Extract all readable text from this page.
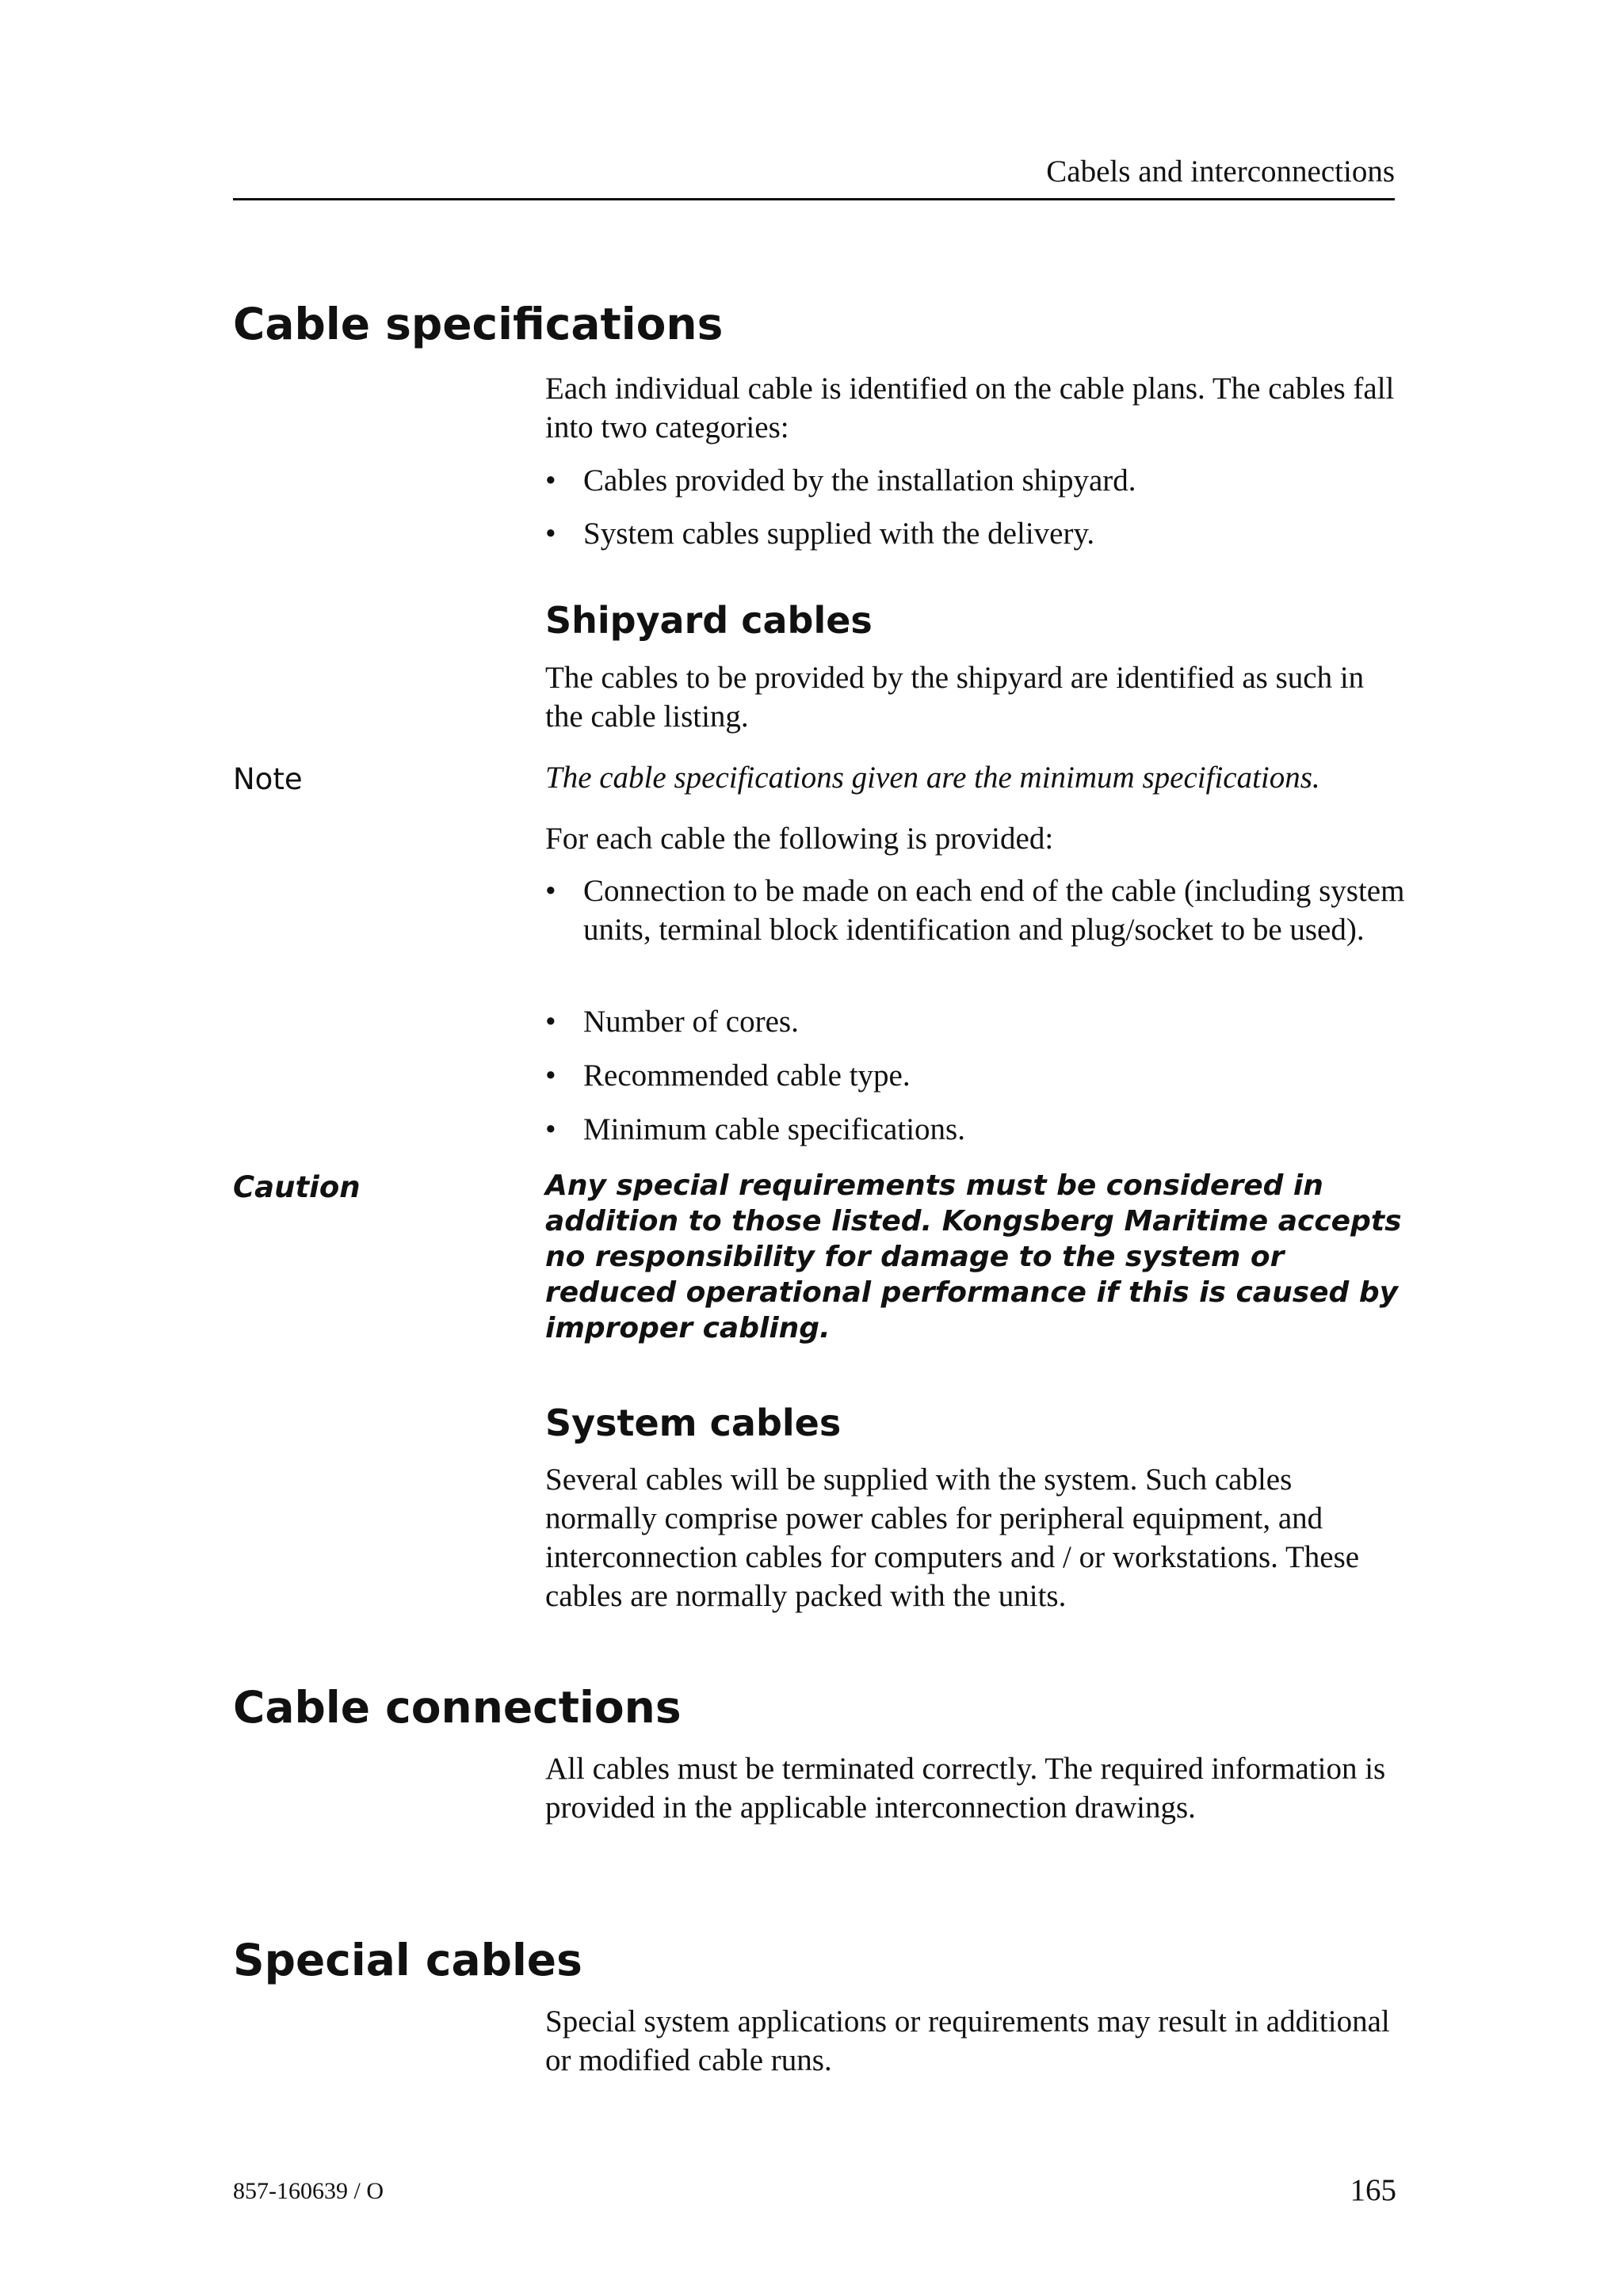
Cabels and interconnections
Cable specifications

Each individual cable is identified on the cable plans. The cables fall into two categories:

• Cables provided by the installation shipyard.
• System cables supplied with the delivery.
Shipyard cables

The cables to be provided by the shipyard are identified as such in the cable listing.

Note	The cable specifications given are the minimum specifications.

For each cable the following is provided:

• Connection to be made on each end of the cable (including system units, terminal block identification and plug/socket to be used).
• Number of cores.
• Recommended cable type.
• Minimum cable specifications.
Caution	Any special requirements must be considered in addition to those listed. Kongsberg Maritime accepts no responsibility for damage to the system or reduced operational performance if this is caused by improper cabling.

System cables

Several cables will be supplied with the system. Such cables normally comprise power cables for peripheral equipment, and interconnection cables for computers and / or workstations. These cables are normally packed with the units.

Cable connections

All cables must be terminated correctly. The required information is provided in the applicable interconnection drawings.

Special cables

Special system applications or requirements may result in additional or modified cable runs.

857-160639 / O	165
